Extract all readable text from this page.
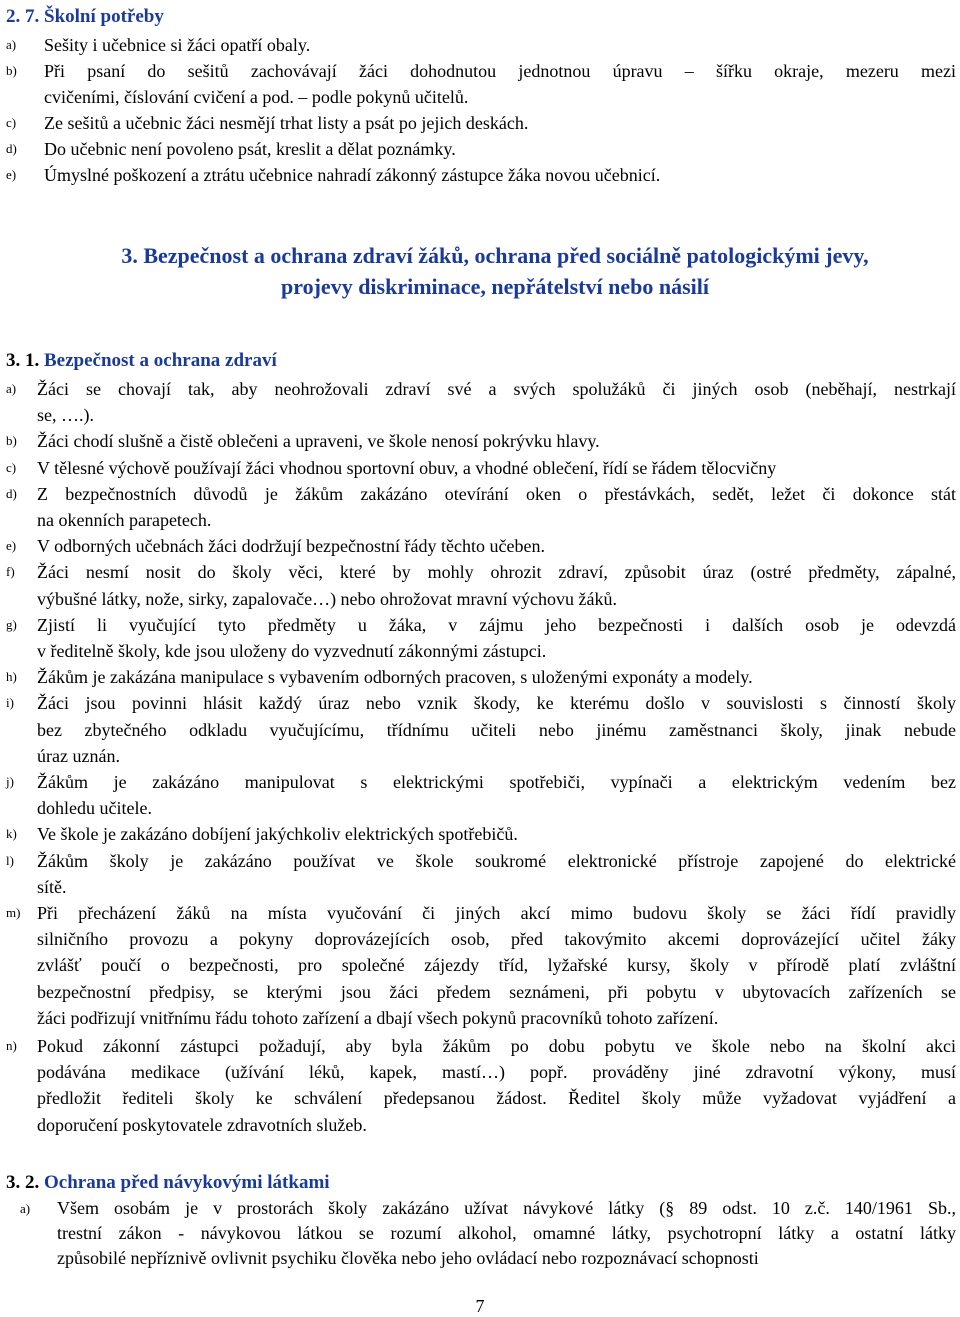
2. 7. Školní potřeby
a) Sešity i učebnice si žáci opatří obaly.
b) Při psaní do sešitů zachovávají žáci dohodnutou jednotnou úpravu – šířku okraje, mezeru mezi
cvičeními, číslování cvičení a pod. – podle pokynů učitelů.
c) Ze sešitů a učebnic žáci nesmějí trhat listy a psát po jejich deskách.
d) Do učebnic není povoleno psát, kreslit a dělat poznámky.
e) Úmyslné poškození a ztrátu učebnice nahradí zákonný zástupce žáka novou učebnicí.
3. Bezpečnost a ochrana zdraví žáků, ochrana před sociálně patologickými jevy,
projevy diskriminace, nepřátelství nebo násilí
3. 1. Bezpečnost a ochrana zdraví
a) Žáci se chovají tak, aby neohrožovali zdraví své a svých spolužáků či jiných osob (neběhají, nestrkají
se, ….).
b) Žáci chodí slušně a čistě oblečeni a upraveni, ve škole nenosí pokrývku hlavy.
c) V tělesné výchově používají žáci vhodnou sportovní obuv, a vhodné oblečení, řídí se řádem tělocvičny
d) Z bezpečnostních důvodů je žákům zakázáno otevírání oken o přestávkách, sedět, ležet či dokonce stát
na okenních parapetech.
e) V odborných učebnách žáci dodržují bezpečnostní řády těchto učeben.
f) Žáci nesmí nosit do školy věci, které by mohly ohrozit zdraví, způsobit úraz (ostré předměty, zápalné,
výbušné látky, nože, sirky, zapalovače…) nebo ohrožovat mravní výchovu žáků.
g) Zjistí li vyučující tyto předměty u žáka, v zájmu jeho bezpečnosti i dalších osob je odevzdá
v ředitelně školy, kde jsou uloženy do vyzvednutí zákonnými zástupci.
h) Žákům je zakázána manipulace s vybavením odborných pracoven, s uloženými exponáty a modely.
i) Žáci jsou povinni hlásit každý úraz nebo vznik škody, ke kterému došlo v souvislosti s činností školy
bez zbytečného odkladu vyučujícímu, třídnímu učiteli nebo jinému zaměstnanci školy, jinak nebude
úraz uznán.
j) Žákům je zakázáno manipulovat s elektrickými spotřebiči, vypínači a elektrickým vedením bez
dohledu učitele.
k) Ve škole je zakázáno dobíjení jakýchkoliv elektrických spotřebičů.
l) Žákům školy je zakázáno používat ve škole soukromé elektronické přístroje zapojené do elektrické
sítě.
m) Při přecházení žáků na místa vyučování či jiných akcí mimo budovu školy se žáci řídí pravidly
silničního provozu a pokyny doprovázejících osob, před takovýmito akcemi doprovázející učitel žáky
zvlášť poučí o bezpečnosti, pro společné zájezdy tříd, lyžařské kursy, školy v přírodě platí zvláštní
bezpečnostní předpisy, se kterými jsou žáci předem seznámeni, při pobytu v ubytovacích zařízeních se
žáci podřizují vnitřnímu řádu tohoto zařízení a dbají všech pokynů pracovníků tohoto zařízení.
n) Pokud zákonní zástupci požadují, aby byla žákům po dobu pobytu ve škole nebo na školní akci
podávána medikace (užívání léků, kapek, mastí…) popř. prováděny jiné zdravotní výkony, musí
předložit řediteli školy ke schválení předepsanou žádost. Ředitel školy může vyžadovat vyjádření a
doporučení poskytovatele zdravotních služeb.
3. 2. Ochrana před návykovými látkami
a) Všem osobám je v prostorách školy zakázáno užívat návykové látky (§ 89 odst. 10 z.č. 140/1961 Sb.,
trestní zákon - návykovou látkou se rozumí alkohol, omamné látky, psychotropní látky a ostatní látky
způsobilé nepříznivě ovlivnit psychiku člověka nebo jeho ovládací nebo rozpoznávací schopnosti
7
